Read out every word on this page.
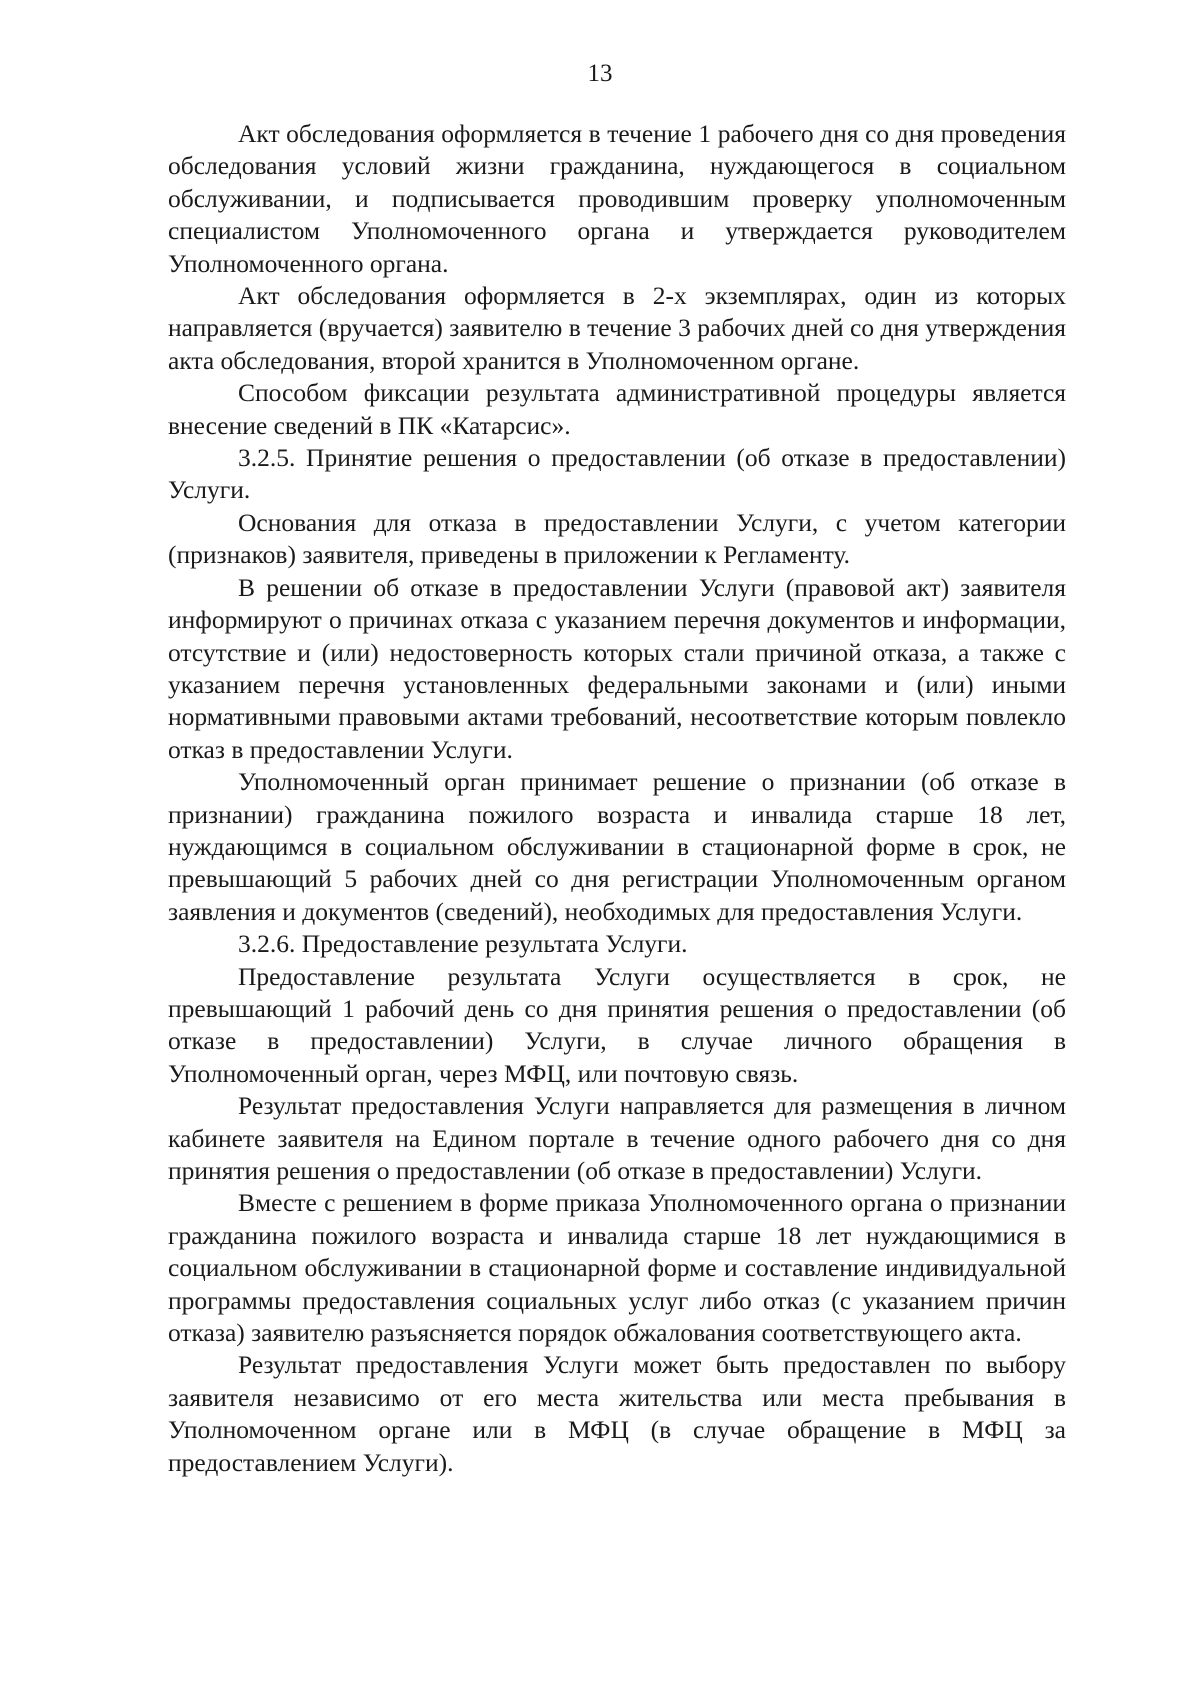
13

Акт обследования оформляется в течение 1 рабочего дня со дня проведения обследования условий жизни гражданина, нуждающегося в социальном обслуживании, и подписывается проводившим проверку уполномоченным специалистом Уполномоченного органа и утверждается руководителем Уполномоченного органа.

Акт обследования оформляется в 2-х экземплярах, один из которых направляется (вручается) заявителю в течение 3 рабочих дней со дня утверждения акта обследования, второй хранится в Уполномоченном органе.

Способом фиксации результата административной процедуры является внесение сведений в ПК «Катарсис».

3.2.5. Принятие решения о предоставлении (об отказе в предоставлении) Услуги.

Основания для отказа в предоставлении Услуги, с учетом категории (признаков) заявителя, приведены в приложении к Регламенту.

В решении об отказе в предоставлении Услуги (правовой акт) заявителя информируют о причинах отказа с указанием перечня документов и информации, отсутствие и (или) недостоверность которых стали причиной отказа, а также с указанием перечня установленных федеральными законами и (или) иными нормативными правовыми актами требований, несоответствие которым повлекло отказ в предоставлении Услуги.

Уполномоченный орган принимает решение о признании (об отказе в признании) гражданина пожилого возраста и инвалида старше 18 лет, нуждающимся в социальном обслуживании в стационарной форме в срок, не превышающий 5 рабочих дней со дня регистрации Уполномоченным органом заявления и документов (сведений), необходимых для предоставления Услуги.

3.2.6. Предоставление результата Услуги.

Предоставление результата Услуги осуществляется в срок, не превышающий 1 рабочий день со дня принятия решения о предоставлении (об отказе в предоставлении) Услуги, в случае личного обращения в Уполномоченный орган, через МФЦ, или почтовую связь.

Результат предоставления Услуги направляется для размещения в личном кабинете заявителя на Едином портале в течение одного рабочего дня со дня принятия решения о предоставлении (об отказе в предоставлении) Услуги.

Вместе с решением в форме приказа Уполномоченного органа о признании гражданина пожилого возраста и инвалида старше 18 лет нуждающимися в социальном обслуживании в стационарной форме и составление индивидуальной программы предоставления социальных услуг либо отказ (с указанием причин отказа) заявителю разъясняется порядок обжалования соответствующего акта.

Результат предоставления Услуги может быть предоставлен по выбору заявителя независимо от его места жительства или места пребывания в Уполномоченном органе или в МФЦ (в случае обращение в МФЦ за предоставлением Услуги).
